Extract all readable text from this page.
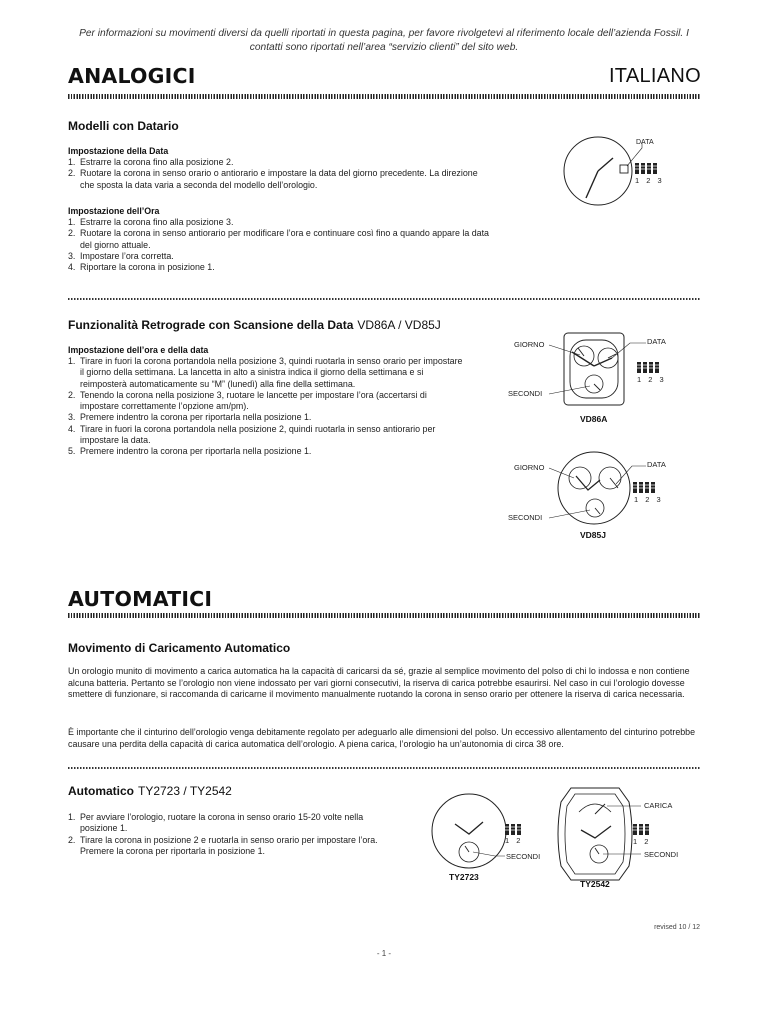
Per informazioni su movimenti diversi da quelli riportati in questa pagina, per favore rivolgetevi al riferimento locale dell’azienda Fossil. I contatti sono riportati nell’area “servizio clienti” del sito web.
ANALOGICI	ITALIANO
Modelli con Datario
Impostazione della Data
1. Estrarre la corona fino alla posizione 2.
2. Ruotare la corona in senso orario o antiorario e impostare la data del giorno precedente. La direzione che sposta la data varia a seconda del modello dell’orologio.
Impostazione dell’Ora
1. Estrarre la corona fino alla posizione 3.
2. Ruotare la corona in senso antiorario per modificare l’ora e continuare così fino a quando appare la data del giorno attuale.
3. Impostare l’ora corretta.
4. Riportare la corona in posizione 1.
DATA
1 2 3
Funzionalità Retrograde con Scansione della Data VD86A / VD85J
Impostazione dell’ora e della data
1. Tirare in fuori la corona portandola nella posizione 3, quindi ruotarla in senso orario per impostare il giorno della settimana. La lancetta in alto a sinistra indica il giorno della settimana e si reimposterà automaticamente su “M” (lunedì) alla fine della settimana.
2. Tenendo la corona nella posizione 3, ruotare le lancette per impostare l’ora (accertarsi di impostare correttamente l’opzione am/pm).
3. Premere indentro la corona per riportarla nella posizione 1.
4. Tirare in fuori la corona portandola nella posizione 2, quindi ruotarla in senso antiorario per impostare la data.
5. Premere indentro la corona per riportarla nella posizione 1.
GIORNO	DATA
SECONDI
1 2 3
VD86A
GIORNO	DATA
SECONDI
1 2 3
VD85J
AUTOMATICI
Movimento di Caricamento Automatico
Un orologio munito di movimento a carica automatica ha la capacità di caricarsi da sé, grazie al semplice movimento del polso di chi lo indossa e non contiene alcuna batteria. Pertanto se l’orologio non viene indossato per vari giorni consecutivi, la riserva di carica potrebbe esaurirsi. Nel caso in cui l’orologio dovesse smettere di funzionare, si raccomanda di caricarne il movimento manualmente ruotando la corona in senso orario per ottenere la riserva di carica necessaria.
È importante che il cinturino dell’orologio venga debitamente regolato per adeguarlo alle dimensioni del polso. Un eccessivo allentamento del cinturino potrebbe causare una perdita della capacità di carica automatica dell’orologio. A piena carica, l’orologio ha un’autonomia di circa 38 ore.
Automatico TY2723 / TY2542
1. Per avviare l’orologio, ruotare la corona in senso orario 15-20 volte nella posizione 1.
2. Tirare la corona in posizione 2 e ruotarla in senso orario per impostare l’ora. Premere la corona per riportarla in posizione 1.
SECONDI
1 2
TY2723
CARICA
SECONDI
1 2
TY2542
revised 10 / 12
- 1 -
